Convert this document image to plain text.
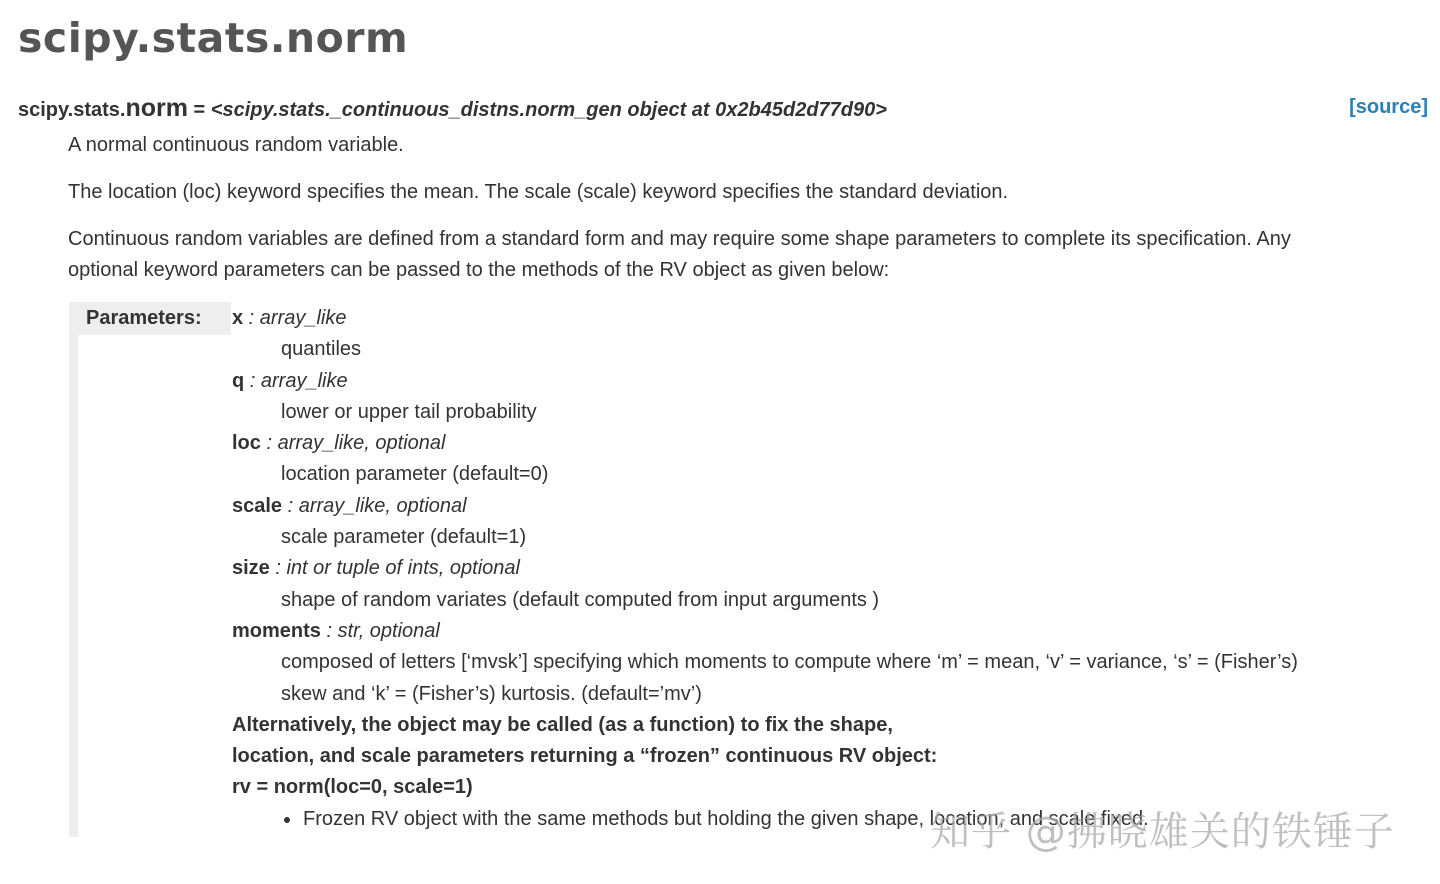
scipy.stats.norm
scipy.stats.norm = <scipy.stats._continuous_distns.norm_gen object at 0x2b45d2d77d90>	[source]

A normal continuous random variable.

The location (loc) keyword specifies the mean. The scale (scale) keyword specifies the standard deviation.

Continuous random variables are defined from a standard form and may require some shape parameters to complete its specification. Any

optional keyword parameters can be passed to the methods of the RV object as given below:

Parameters:	x : array_like
quantiles
q : array_like
lower or upper tail probability
loc : array_like, optional
location parameter (default=0)
scale : array_like, optional
scale parameter (default=1)
size : int or tuple of ints, optional
shape of random variates (default computed from input arguments )
moments : str, optional
composed of letters [‘mvsk’] specifying which moments to compute where ‘m’ = mean, ‘v’ = variance, ‘s’ = (Fisher’s)
skew and ‘k’ = (Fisher’s) kurtosis. (default=’mv’)
Alternatively, the object may be called (as a function) to fix the shape,
location, and scale parameters returning a “frozen” continuous RV object:
rv = norm(loc=0, scale=1)
Frozen RV object with the same methods but holding the given shape, location, and scale fixed.
知乎 @拂晓雄关的铁锤子
